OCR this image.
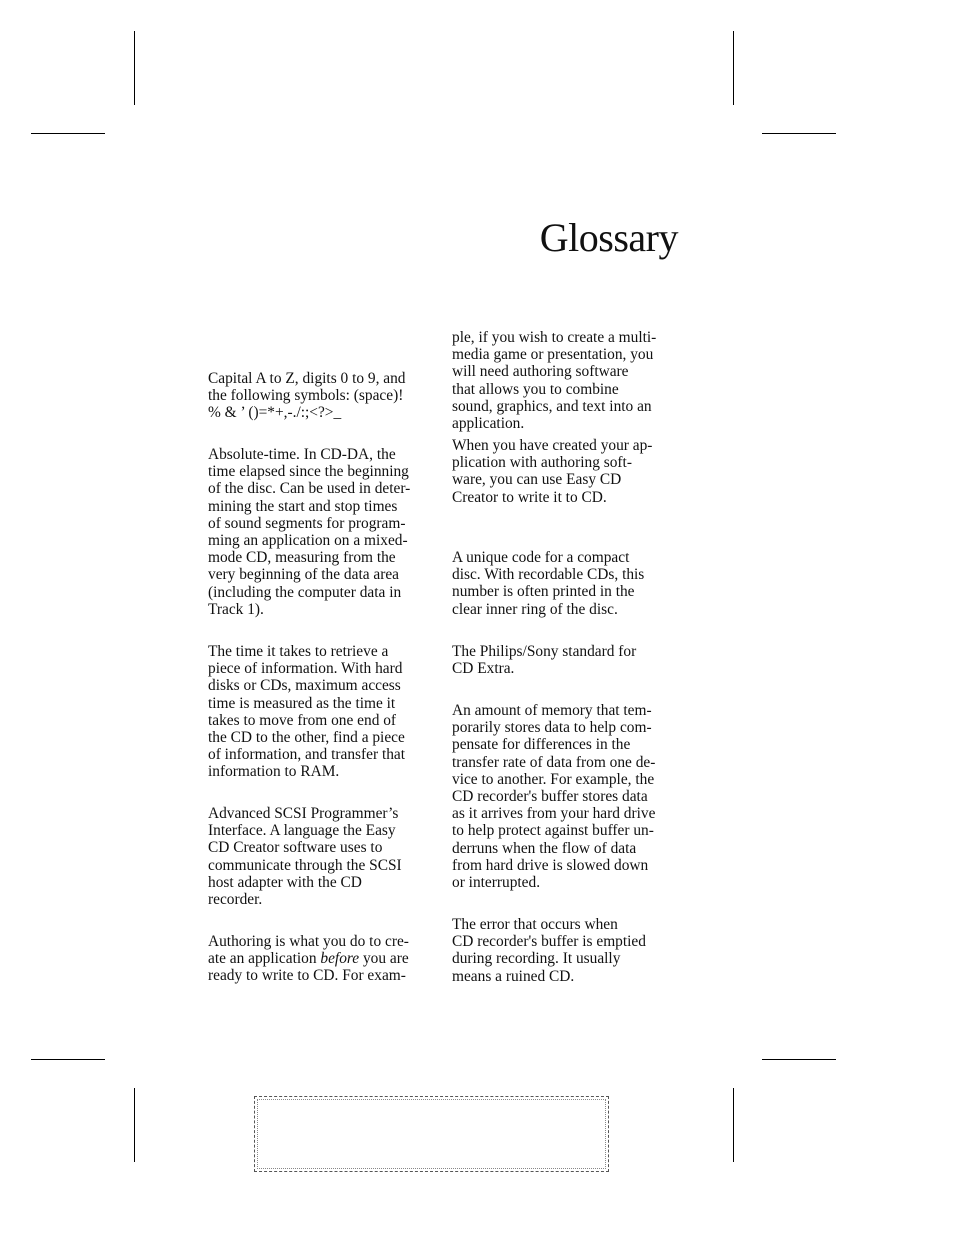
Glossary

Capital A to Z, digits 0 to 9, and
the following symbols: (space)!
% & ’ ()=*+,-./:;<?>_

Absolute-time. In CD-DA, the
time elapsed since the beginning
of the disc. Can be used in deter-
mining the start and stop times
of sound segments for program-
ming an application on a mixed-
mode CD, measuring from the
very beginning of the data area
(including the computer data in
Track 1).

The time it takes to retrieve a
piece of information. With hard
disks or CDs, maximum access
time is measured as the time it
takes to move from one end of
the CD to the other, find a piece
of information, and transfer that
information to RAM.

Advanced SCSI Programmer’s
Interface. A language the Easy
CD Creator software uses to
communicate through the SCSI
host adapter with the CD
recorder.

Authoring is what you do to cre-
ate an application before you are
ready to write to CD. For exam-

ple, if you wish to create a multi-
media game or presentation, you
will need authoring software
that allows you to combine
sound, graphics, and text into an
application.

When you have created your ap-
plication with authoring soft-
ware, you can use Easy CD
Creator to write it to CD.

A unique code for a compact
disc. With recordable CDs, this
number is often printed in the
clear inner ring of the disc.

The Philips/Sony standard for
CD Extra.

An amount of memory that tem-
porarily stores data to help com-
pensate for differences in the
transfer rate of data from one de-
vice to another. For example, the
CD recorder's buffer stores data
as it arrives from your hard drive
to help protect against buffer un-
derruns when the flow of data
from hard drive is slowed down
or interrupted.

The error that occurs when
CD recorder's buffer is emptied
during recording. It usually
means a ruined CD.
